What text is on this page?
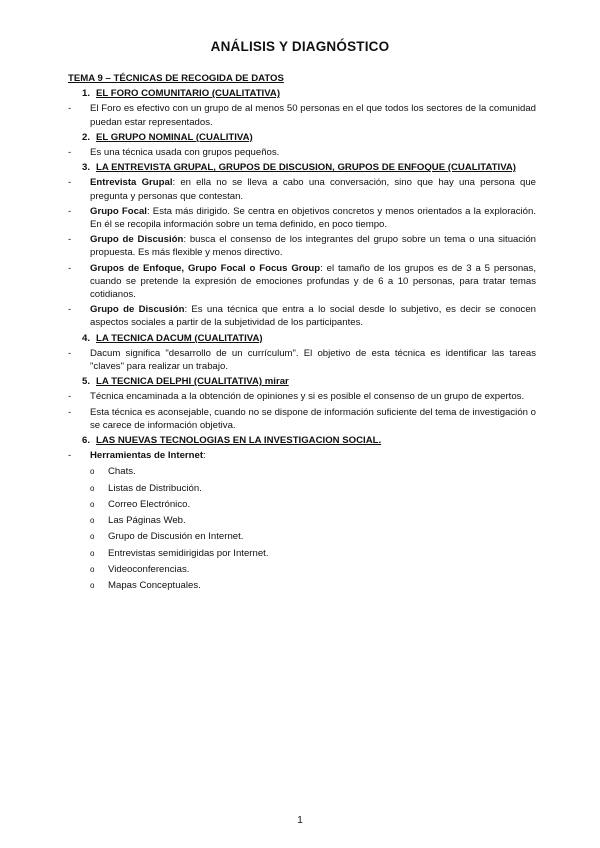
ANÁLISIS Y DIAGNÓSTICO
TEMA 9 – TÉCNICAS DE RECOGIDA DE DATOS
1. EL FORO COMUNITARIO (CUALITATIVA)
-	El Foro es efectivo con un grupo de al menos 50 personas en el que todos los sectores de la comunidad puedan estar representados.
2. EL GRUPO NOMINAL (CUALITIVA)
-	Es una técnica usada con grupos pequeños.
3. LA ENTREVISTA GRUPAL, GRUPOS DE DISCUSION, GRUPOS DE ENFOQUE (CUALITATIVA)
-	Entrevista Grupal: en ella no se lleva a cabo una conversación, sino que hay una persona que pregunta y personas que contestan.
-	Grupo Focal: Esta más dirigido. Se centra en objetivos concretos y menos orientados a la exploración. En él se recopila información sobre un tema definido, en poco tiempo.
-	Grupo de Discusión: busca el consenso de los integrantes del grupo sobre un tema o una situación propuesta. Es más flexible y menos directivo.
-	Grupos de Enfoque, Grupo Focal o Focus Group: el tamaño de los grupos es de 3 a 5 personas, cuando se pretende la expresión de emociones profundas y de 6 a 10 personas, para tratar temas cotidianos.
-	Grupo de Discusión: Es una técnica que entra a lo social desde lo subjetivo, es decir se conocen aspectos sociales a partir de la subjetividad de los participantes.
4. LA TECNICA DACUM (CUALITATIVA)
-	Dacum significa "desarrollo de un currículum". El objetivo de esta técnica es identificar las tareas "claves" para realizar un trabajo.
5. LA TECNICA DELPHI (CUALITATIVA) mirar
-	Técnica encaminada a la obtención de opiniones y si es posible el consenso de un grupo de expertos.
-	Esta técnica es aconsejable, cuando no se dispone de información suficiente del tema de investigación o se carece de información objetiva.
6. LAS NUEVAS TECNOLOGIAS EN LA INVESTIGACION SOCIAL.
-	Herramientas de Internet:
o	Chats.
o	Listas de Distribución.
o	Correo Electrónico.
o	Las Páginas Web.
o	Grupo de Discusión en Internet.
o	Entrevistas semidirigidas por Internet.
o	Videoconferencias.
o	Mapas Conceptuales.
1
